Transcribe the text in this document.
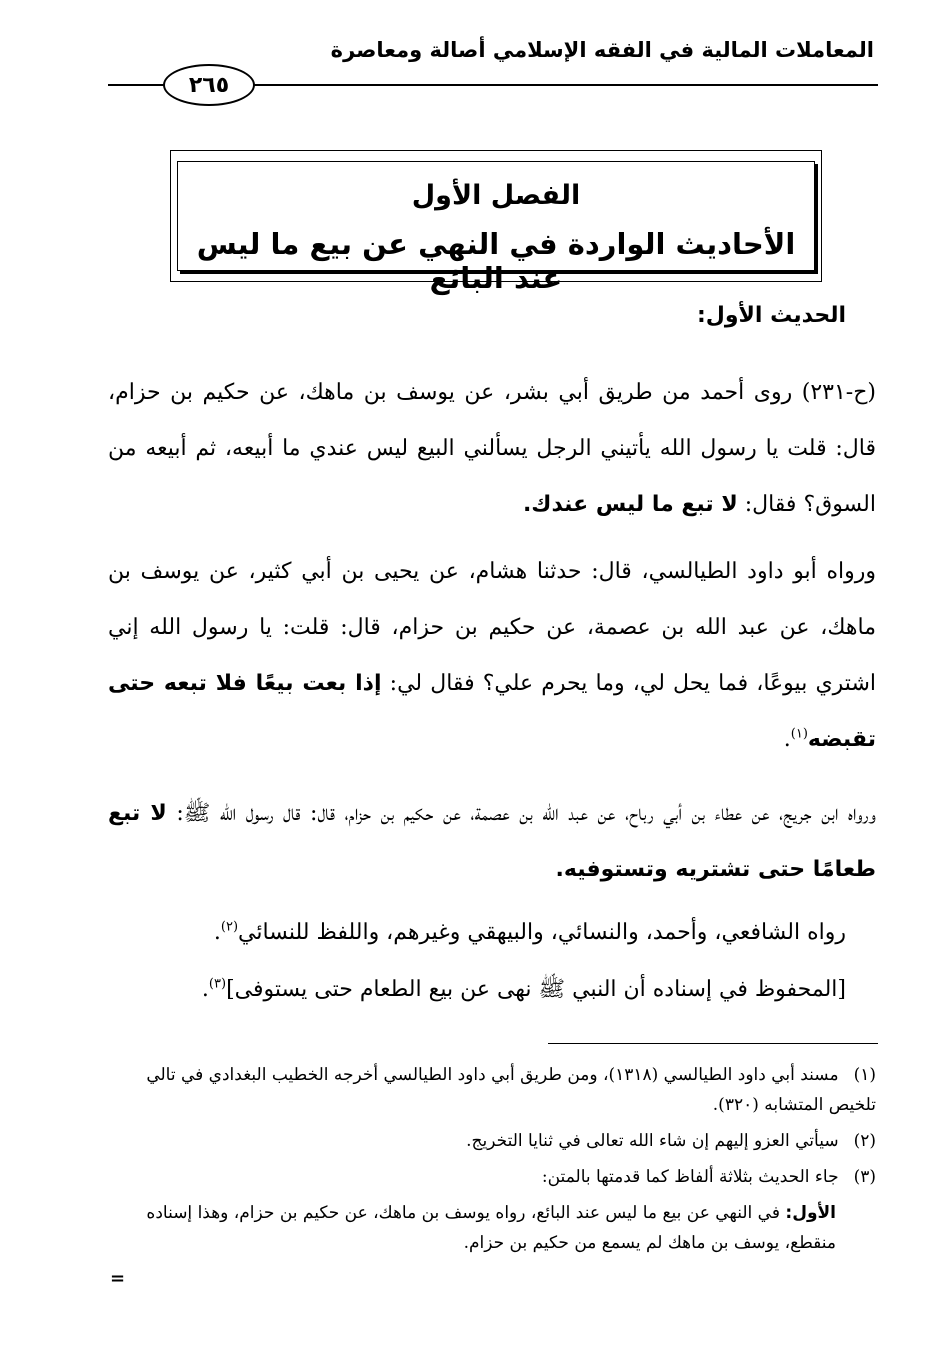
المعاملات المالية في الفقه الإسلامي أصالة ومعاصرة
٢٦٥
الفصل الأول
الأحاديث الواردة في النهي عن بيع ما ليس عند البائع
الحديث الأول:
(ح-٢٣١) روى أحمد من طريق أبي بشر، عن يوسف بن ماهك، عن حكيم بن حزام، قال: قلت يا رسول الله يأتيني الرجل يسألني البيع ليس عندي ما أبيعه، ثم أبيعه من السوق؟ فقال: لا تبع ما ليس عندك.
ورواه أبو داود الطيالسي، قال: حدثنا هشام، عن يحيى بن أبي كثير، عن يوسف بن ماهك، عن عبد الله بن عصمة، عن حكيم بن حزام، قال: قلت: يا رسول الله إني اشتري بيوعًا، فما يحل لي، وما يحرم علي؟ فقال لي: إذا بعت بيعًا فلا تبعه حتى تقبضه$^{(١)}$.
ورواه ابن جريج، عن عطاء بن أبي رباح، عن عبد الله بن عصمة، عن حكيم بن حزام، قال: قال رسول الله ﷺ: لا تبع طعامًا حتى تشتريه وتستوفيه.
رواه الشافعي، وأحمد، والنسائي، والبيهقي وغيرهم، واللفظ للنسائي$^{(٢)}$.
[المحفوظ في إسناده أن النبي ﷺ نهى عن بيع الطعام حتى يستوفى]$^{(٣)}$.
(١) مسند أبي داود الطيالسي (١٣١٨)، ومن طريق أبي داود الطيالسي أخرجه الخطيب البغدادي في تالي تلخيص المتشابه (٣٢٠).
(٢) سيأتي العزو إليهم إن شاء الله تعالى في ثنايا التخريج.
(٣) جاء الحديث بثلاثة ألفاظ كما قدمتها بالمتن:
الأول: في النهي عن بيع ما ليس عند البائع، رواه يوسف بن ماهك، عن حكيم بن حزام، وهذا إسناده منقطع، يوسف بن ماهك لم يسمع من حكيم بن حزام.
=
